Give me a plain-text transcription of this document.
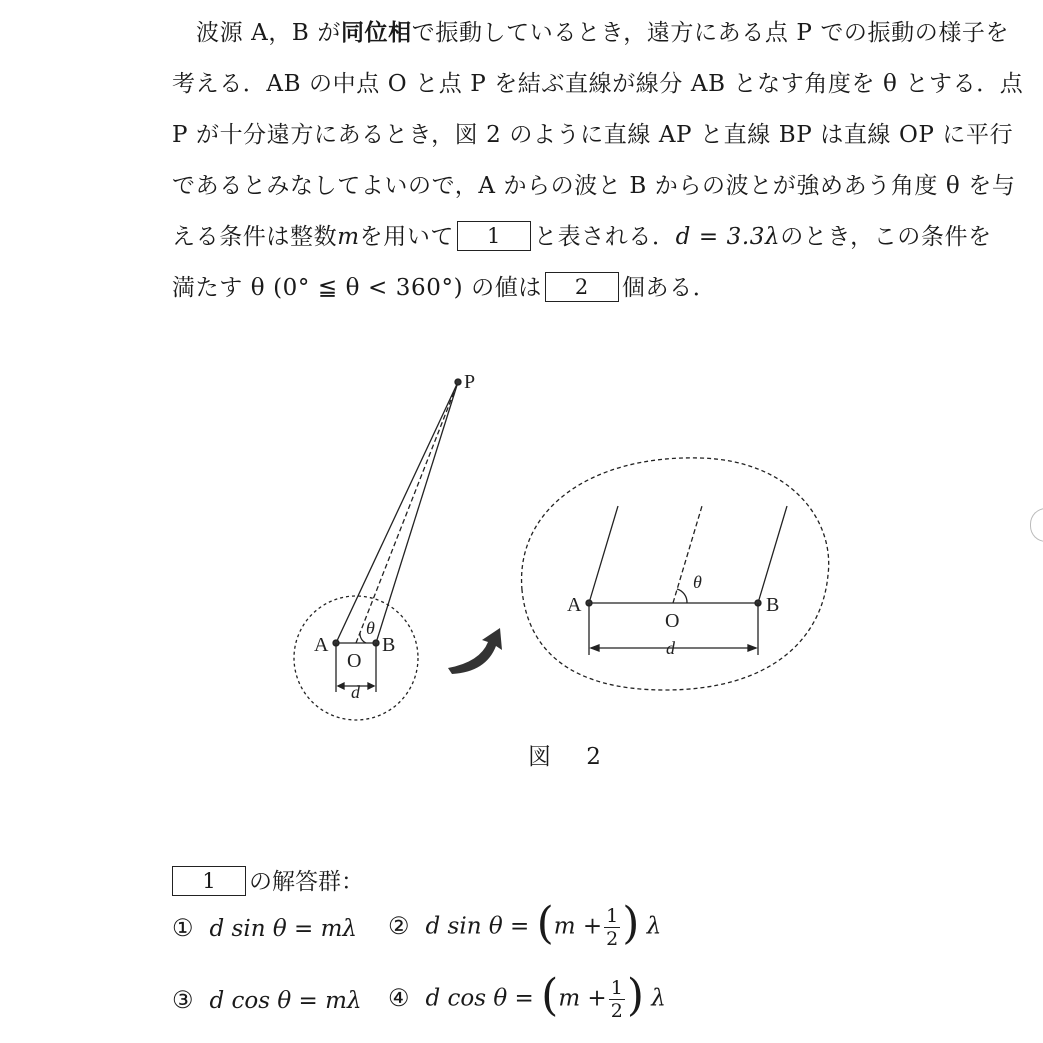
波源 A，B が同位相で振動しているとき，遠方にある点 P での振動の様子を
考える．AB の中点 O と点 P を結ぶ直線が線分 AB となす角度を θ とする．点
P が十分遠方にあるとき，図 2 のように直線 AP と直線 BP は直線 OP に平行
であるとみなしてよいので，A からの波と B からの波とが強めあう角度 θ を与
える条件は整数mを用いて 1 と表される．d = 3.3λのとき，この条件を
満たす θ (0° ≦ θ < 360°) の値は 2 個ある．
P
A	B
O
d
θ
A	B
O
d
θ
図 2
1 の解答群：
① d sin θ = mλ ② d $\sin \theta = (m + \frac{1}{2}$ ) λ
③ d cos θ = mλ ④ d $\cos \theta = (m + \frac{1}{2}$ ) λ
